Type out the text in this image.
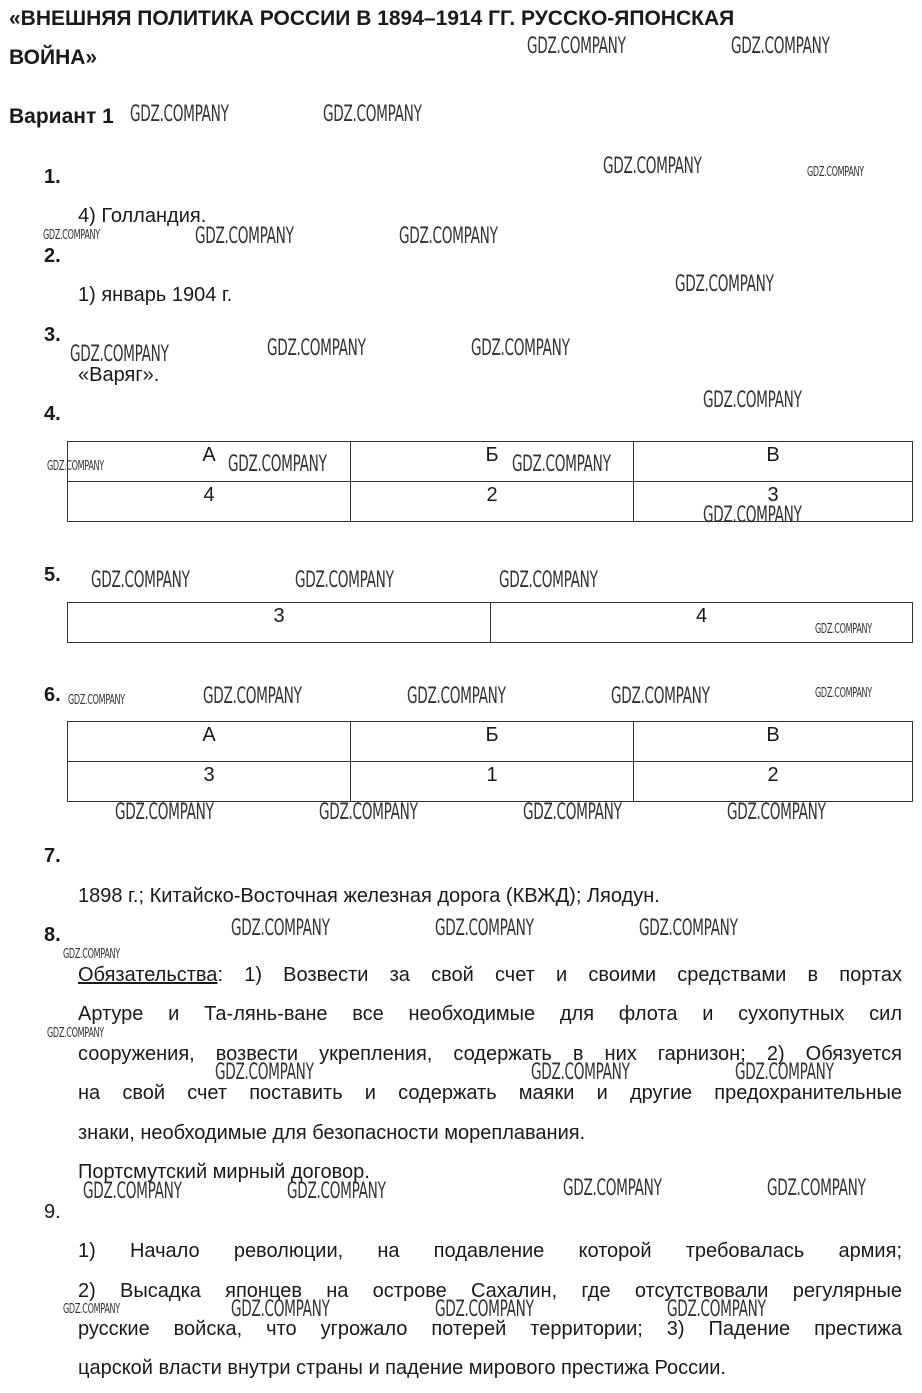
«ВНЕШНЯЯ ПОЛИТИКА РОССИИ В 1894–1914 ГГ. РУССКО-ЯПОНСКАЯ
ВОЙНА»
Вариант 1
1.
4) Голландия.
2.
1) январь 1904 г.
3.
«Варяг».
4.
А	Б	В
4	2	3
5.
3	4
6.
А	Б	В
3	1	2
7.
1898 г.; Китайско-Восточная железная дорога (КВЖД); Ляодун.
8.
Обязательства: 1) Возвести за свой счет и своими средствами в портах
Артуре и Та-лянь-ване все необходимые для флота и сухопутных сил
сооружения, возвести укрепления, содержать в них гарнизон; 2) Обязуется
на свой счет поставить и содержать маяки и другие предохранительные
знаки, необходимые для безопасности мореплавания.
Портсмутский мирный договор.
9.
1) Начало революции, на подавление которой требовалась армия;
2) Высадка японцев на острове Сахалин, где отсутствовали регулярные
русские войска, что угрожало потерей территории; 3) Падение престижа
царской власти внутри страны и падение мирового престижа России.
GDZ.COMPANY	GDZ.COMPANY
GDZ.COMPANY	GDZ.COMPANY
GDZ.COMPANY	GDZ.COMPANY
GDZ.COMPANY	GDZ.COMPANY	GDZ.COMPANY
GDZ.COMPANY
GDZ.COMPANY	GDZ.COMPANY	GDZ.COMPANY
GDZ.COMPANY
GDZ.COMPANY	GDZ.COMPANY	GDZ.COMPANY
GDZ.COMPANY
GDZ.COMPANY	GDZ.COMPANY	GDZ.COMPANY
GDZ.COMPANY
GDZ.COMPANY	GDZ.COMPANY	GDZ.COMPANY	GDZ.COMPANY	GDZ.COMPANY
GDZ.COMPANY	GDZ.COMPANY	GDZ.COMPANY	GDZ.COMPANY
GDZ.COMPANY	GDZ.COMPANY	GDZ.COMPANY
GDZ.COMPANY
GDZ.COMPANY
GDZ.COMPANY	GDZ.COMPANY	GDZ.COMPANY
GDZ.COMPANY	GDZ.COMPANY	GDZ.COMPANY	GDZ.COMPANY
GDZ.COMPANY	GDZ.COMPANY	GDZ.COMPANY	GDZ.COMPANY
